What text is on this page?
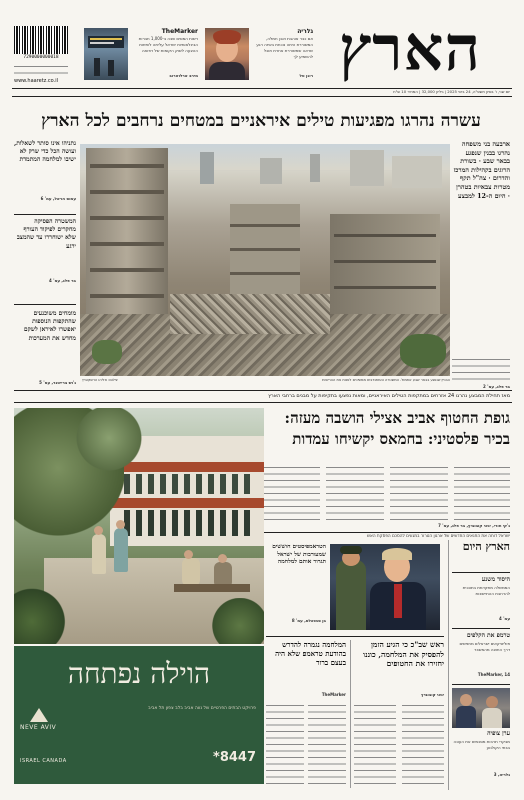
הארץ
גלריה
אם כבר אוהבת ואכן חמלה, המשוררת היתה נוכחת באיזה רגע שראה שמשוררת אחרת תוכל להשמיע לך
רונן טל
TheMarker
רשות המסים שבה ב-1,000 חברות הבינלאומיות ישראל עליתה לשיחות ההצעה לשוק הקומות של רפואה
מירב ארלוזורוב
7290000000018
www.haaretz.co.il
יום שני, ו' בסיון תשפ"ה, 24 ביוני 2025 | גיליון 32,000 | המחיר 10 ש"ח
עשרה נהרגו מפגיעות טילים איראניים במטחים נרחבים לכל הארץ
נתניהו אינו סותר לשאלות, ועושה הכל כדי שרק לא ישיבו למלחמה המתמדת
עמוס הראל, עמ' 6
המשטרה הפסיקה מחקרים לפיקוד העורף שלא ישוחררו עד שהמצב ירגע
בר פלג, עמ' 4
מומחים משוכנעים שהתקפות הנוספות יאפשרו לאיראן לשקם מחדש את המערכות
ג'וש ברייטנר, עמ' 5	הבניין שנפגע בבאר שבע אתמול. המשטרה והמתנדבים ממשיכים לפנות את ההריסות
צילום: אליהו הרשקוביץ
ארבעה בני משפחה נהרגו בבנין שנפגע בבאר שבע · בשורת הרוגים בקהילות המרכז והדרום · צה"ל תקף מטרות צבאיות בטהרן · היום ה-12 למבצע
בר פלג, עמ' 2
מאז תחילת המבצע נהרגו 24 אזרחים במתקפות הטילים האיראניים, ומאות נפצעו בתקיפות על מבנים ברחבי הארץ
גופת החטוף אביב אצילי הושבה מעזה: בכיר פלסטיני: בחמאס יקשיחו עמדות
ג'קי חורי, ינאי קובוביץ, בר פלג, עמ' 7
ישראל דוחה את התנאים החדשים של ארגון הטרור במגעים להסכם הפסקת האש
הוילה נפתחה
NEVE AVIV
פרויקט הבתים הפרטיים של נווה אביב בלב צפון תל אביב
*8447
ISRAEL CANADA
הטראמפיסטים חוששים שמעורבות של ישראל תגרור אותם למלחמה
בן סמואלס, עמ' 8
ראש שב"כ כי הגיע הזמן להפסיק את המלחמה, כוננו יחזירו את החטופים
ינאי קובוביץ
המלחמה נגמרה להדרש בהודעת טראמפ שלא היה בעצם ברור
TheMarker
הארץ היום
היסוד משנע
הממשלה מתקדמת בתוכנית להרחבת ההתיישבות
עמ' 4
טרמפ את הקלפים
פוליטיקאים ישראלים מחפשים דרך החוצה מהמשבר
TheMarker, 14
ערן צופיה
מבקרי תרבות מסכמים את העונה בבתי הקולנוע
גלריה, 3
